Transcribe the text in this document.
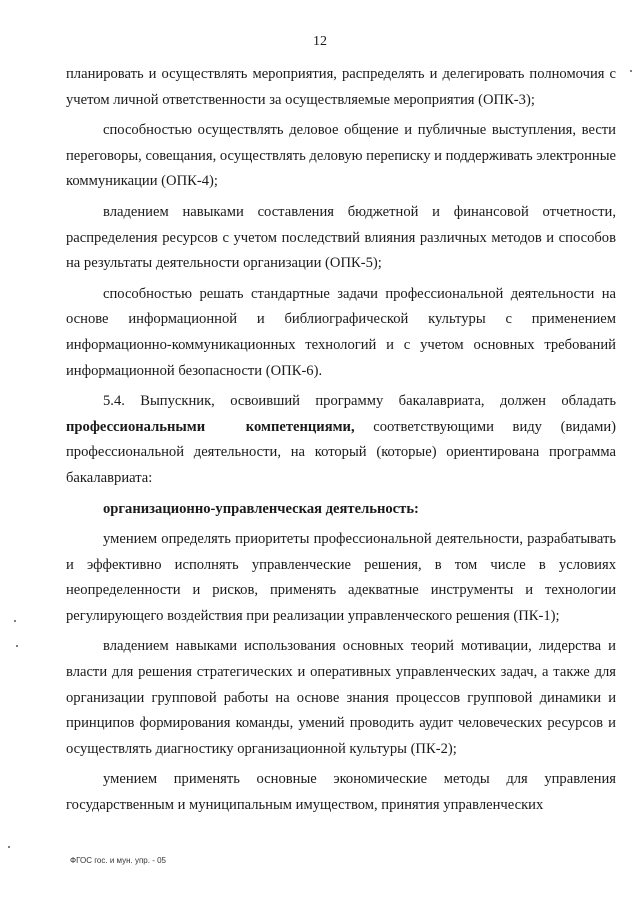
12

планировать и осуществлять мероприятия, распределять и делегировать полномочия с учетом личной ответственности за осуществляемые мероприятия (ОПК-3);

способностью осуществлять деловое общение и публичные выступления, вести переговоры, совещания, осуществлять деловую переписку и поддерживать электронные коммуникации (ОПК-4);

владением навыками составления бюджетной и финансовой отчетности, распределения ресурсов с учетом последствий влияния различных методов и способов на результаты деятельности организации (ОПК-5);

способностью решать стандартные задачи профессиональной деятельности на основе информационной и библиографической культуры с применением информационно-коммуникационных технологий и с учетом основных требований информационной безопасности (ОПК-6).

5.4. Выпускник, освоивший программу бакалавриата, должен обладать профессиональными компетенциями, соответствующими виду (видами) профессиональной деятельности, на который (которые) ориентирована программа бакалавриата:

организационно-управленческая деятельность:

умением определять приоритеты профессиональной деятельности, разрабатывать и эффективно исполнять управленческие решения, в том числе в условиях неопределенности и рисков, применять адекватные инструменты и технологии регулирующего воздействия при реализации управленческого решения (ПК-1);

владением навыками использования основных теорий мотивации, лидерства и власти для решения стратегических и оперативных управленческих задач, а также для организации групповой работы на основе знания процессов групповой динамики и принципов формирования команды, умений проводить аудит человеческих ресурсов и осуществлять диагностику организационной культуры (ПК-2);

умением применять основные экономические методы для управления государственным и муниципальным имуществом, принятия управленческих

ФГОС гос. и мун. упр. - 05
